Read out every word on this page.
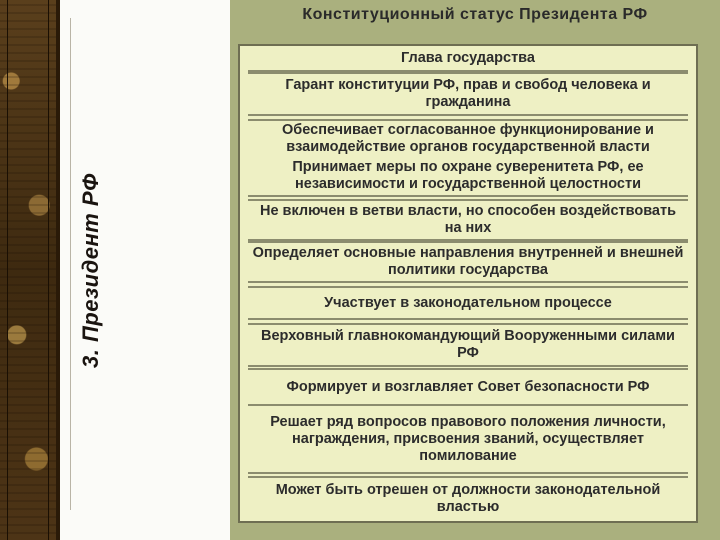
3. Президент РФ
Конституционный статус Президента РФ
Глава государства
Гарант конституции РФ, прав и свобод человека и гражданина
Обеспечивает согласованное функционирование и взаимодействие органов государственной власти
Принимает меры по охране суверенитета РФ, ее независимости и государственной целостности
Не включен в ветви власти, но способен воздействовать на них
Определяет основные направления внутренней и внешней политики государства
Участвует в законодательном процессе
Верховный главнокомандующий Вооруженными силами РФ
Формирует и возглавляет Совет безопасности РФ
Решает ряд вопросов правового положения личности, награждения, присвоения званий, осуществляет помилование
Может быть отрешен от должности законодательной властью
